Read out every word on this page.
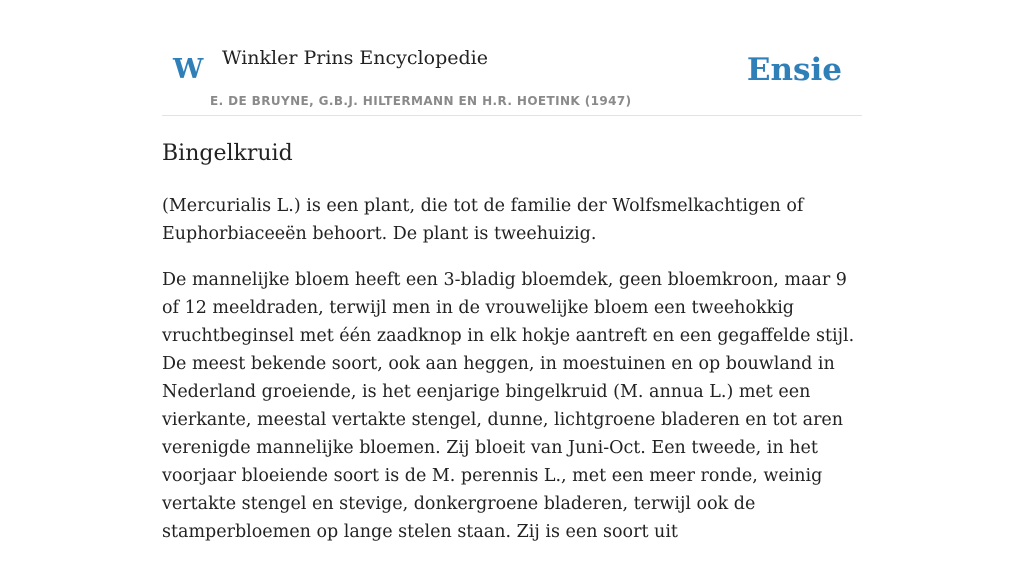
W Winkler Prins Encyclopedie
E. DE BRUYNE, G.B.J. HILTERMANN EN H.R. HOETINK (1947)
Ensie
Bingelkruid

(Mercurialis L.) is een plant, die tot de familie der Wolfsmelkachtigen of Euphorbiaceeën behoort. De plant is tweehuizig.

De mannelijke bloem heeft een 3-bladig bloemdek, geen bloemkroon, maar 9 of 12 meeldraden, terwijl men in de vrouwelijke bloem een tweehokkig vruchtbeginsel met één zaadknop in elk hokje aantreft en een gegaffelde stijl. De meest bekende soort, ook aan heggen, in moestuinen en op bouwland in Nederland groeiende, is het eenjarige bingelkruid (M. annua L.) met een vierkante, meestal vertakte stengel, dunne, lichtgroene bladeren en tot aren verenigde mannelijke bloemen. Zij bloeit van Juni-Oct. Een tweede, in het voorjaar bloeiende soort is de M. perennis L., met een meer ronde, weinig vertakte stengel en stevige, donkergroene bladeren, terwijl ook de stamperbloemen op lange stelen staan. Zij is een soort uit
